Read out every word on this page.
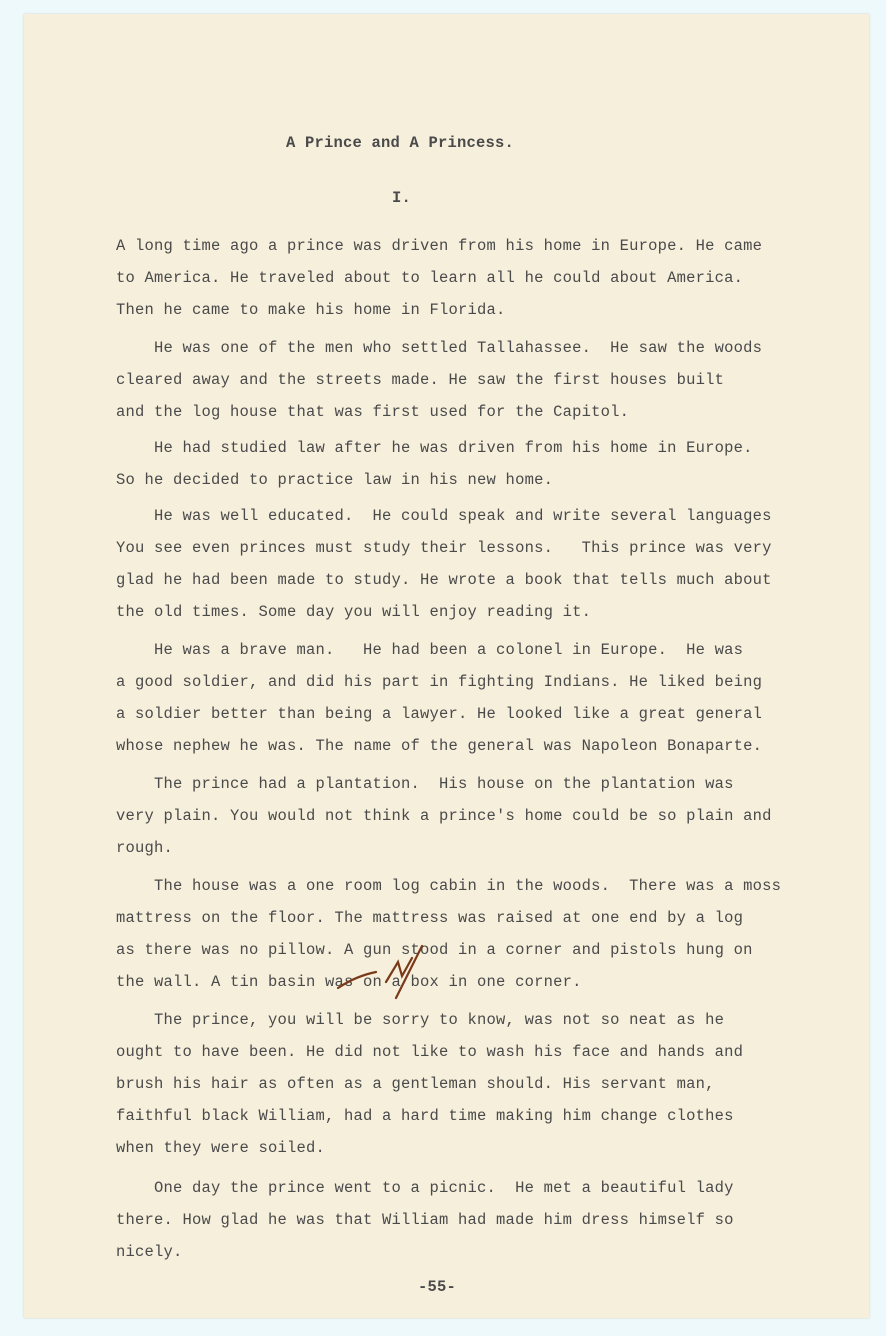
A Prince and A Princess.
I.
A long time ago a prince was driven from his home in Europe. He came
to America. He traveled about to learn all he could about America.
Then he came to make his home in Florida.
He was one of the men who settled Tallahassee.  He saw the woods
cleared away and the streets made. He saw the first houses built
and the log house that was first used for the Capitol.
He had studied law after he was driven from his home in Europe.
So he decided to practice law in his new home.
He was well educated.  He could speak and write several languages
You see even princes must study their lessons.   This prince was very
glad he had been made to study. He wrote a book that tells much about
the old times. Some day you will enjoy reading it.
He was a brave man.   He had been a colonel in Europe.  He was
a good soldier, and did his part in fighting Indians. He liked being
a soldier better than being a lawyer. He looked like a great general
whose nephew he was. The name of the general was Napoleon Bonaparte.
The prince had a plantation.  His house on the plantation was
very plain. You would not think a prince's home could be so plain and
rough.
The house was a one room log cabin in the woods.  There was a moss
mattress on the floor. The mattress was raised at one end by a log
as there was no pillow. A gun stood in a corner and pistols hung on
the wall. A tin basin was on a box in one corner.
The prince, you will be sorry to know, was not so neat as he
ought to have been. He did not like to wash his face and hands and
brush his hair as often as a gentleman should. His servant man,
faithful black William, had a hard time making him change clothes
when they were soiled.
One day the prince went to a picnic.  He met a beautiful lady
there. How glad he was that William had made him dress himself so
nicely.
-55-
